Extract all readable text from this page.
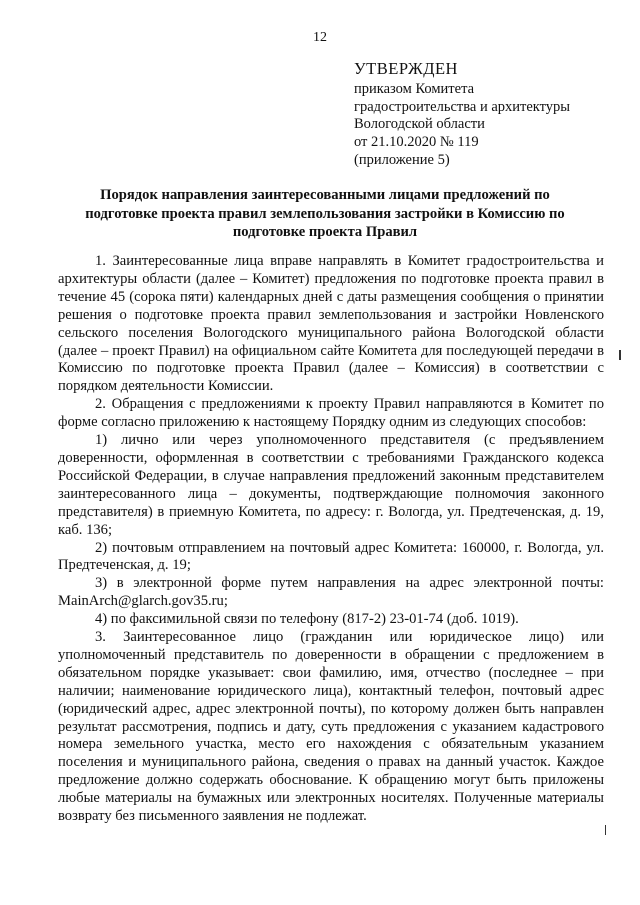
12
УТВЕРЖДЕН
приказом Комитета
градостроительства и архитектуры
Вологодской области
от 21.10.2020 № 119
(приложение 5)
Порядок направления заинтересованными лицами предложений по подготовке проекта правил землепользования застройки в Комиссию по подготовке проекта Правил

1. Заинтересованные лица вправе направлять в Комитет градостроительства и архитектуры области (далее – Комитет) предложения по подготовке проекта правил в течение 45 (сорока пяти) календарных дней с даты размещения сообщения о принятии решения о подготовке проекта правил землепользования и застройки Новленского сельского поселения Вологодского муниципального района Вологодской области (далее – проект Правил) на официальном сайте Комитета для последующей передачи в Комиссию по подготовке проекта Правил (далее – Комиссия) в соответствии с порядком деятельности Комиссии.

2. Обращения с предложениями к проекту Правил направляются в Комитет по форме согласно приложению к настоящему Порядку одним из следующих способов:

1) лично или через уполномоченного представителя (с предъявлением доверенности, оформленная в соответствии с требованиями Гражданского кодекса Российской Федерации, в случае направления предложений законным представителем заинтересованного лица – документы, подтверждающие полномочия законного представителя) в приемную Комитета, по адресу: г. Вологда, ул. Предтеченская, д. 19, каб. 136;

2) почтовым отправлением на почтовый адрес Комитета: 160000, г. Вологда, ул. Предтеченская, д. 19;

3) в электронной форме путем направления на адрес электронной почты: MainArch@glarch.gov35.ru;

4) по факсимильной связи по телефону (817-2) 23-01-74 (доб. 1019).

3. Заинтересованное лицо (гражданин или юридическое лицо) или уполномоченный представитель по доверенности в обращении с предложением в обязательном порядке указывает: свои фамилию, имя, отчество (последнее – при наличии; наименование юридического лица), контактный телефон, почтовый адрес (юридический адрес, адрес электронной почты), по которому должен быть направлен результат рассмотрения, подпись и дату, суть предложения с указанием кадастрового номера земельного участка, место его нахождения с обязательным указанием поселения и муниципального района, сведения о правах на данный участок. Каждое предложение должно содержать обоснование. К обращению могут быть приложены любые материалы на бумажных или электронных носителях. Полученные материалы возврату без письменного заявления не подлежат.
